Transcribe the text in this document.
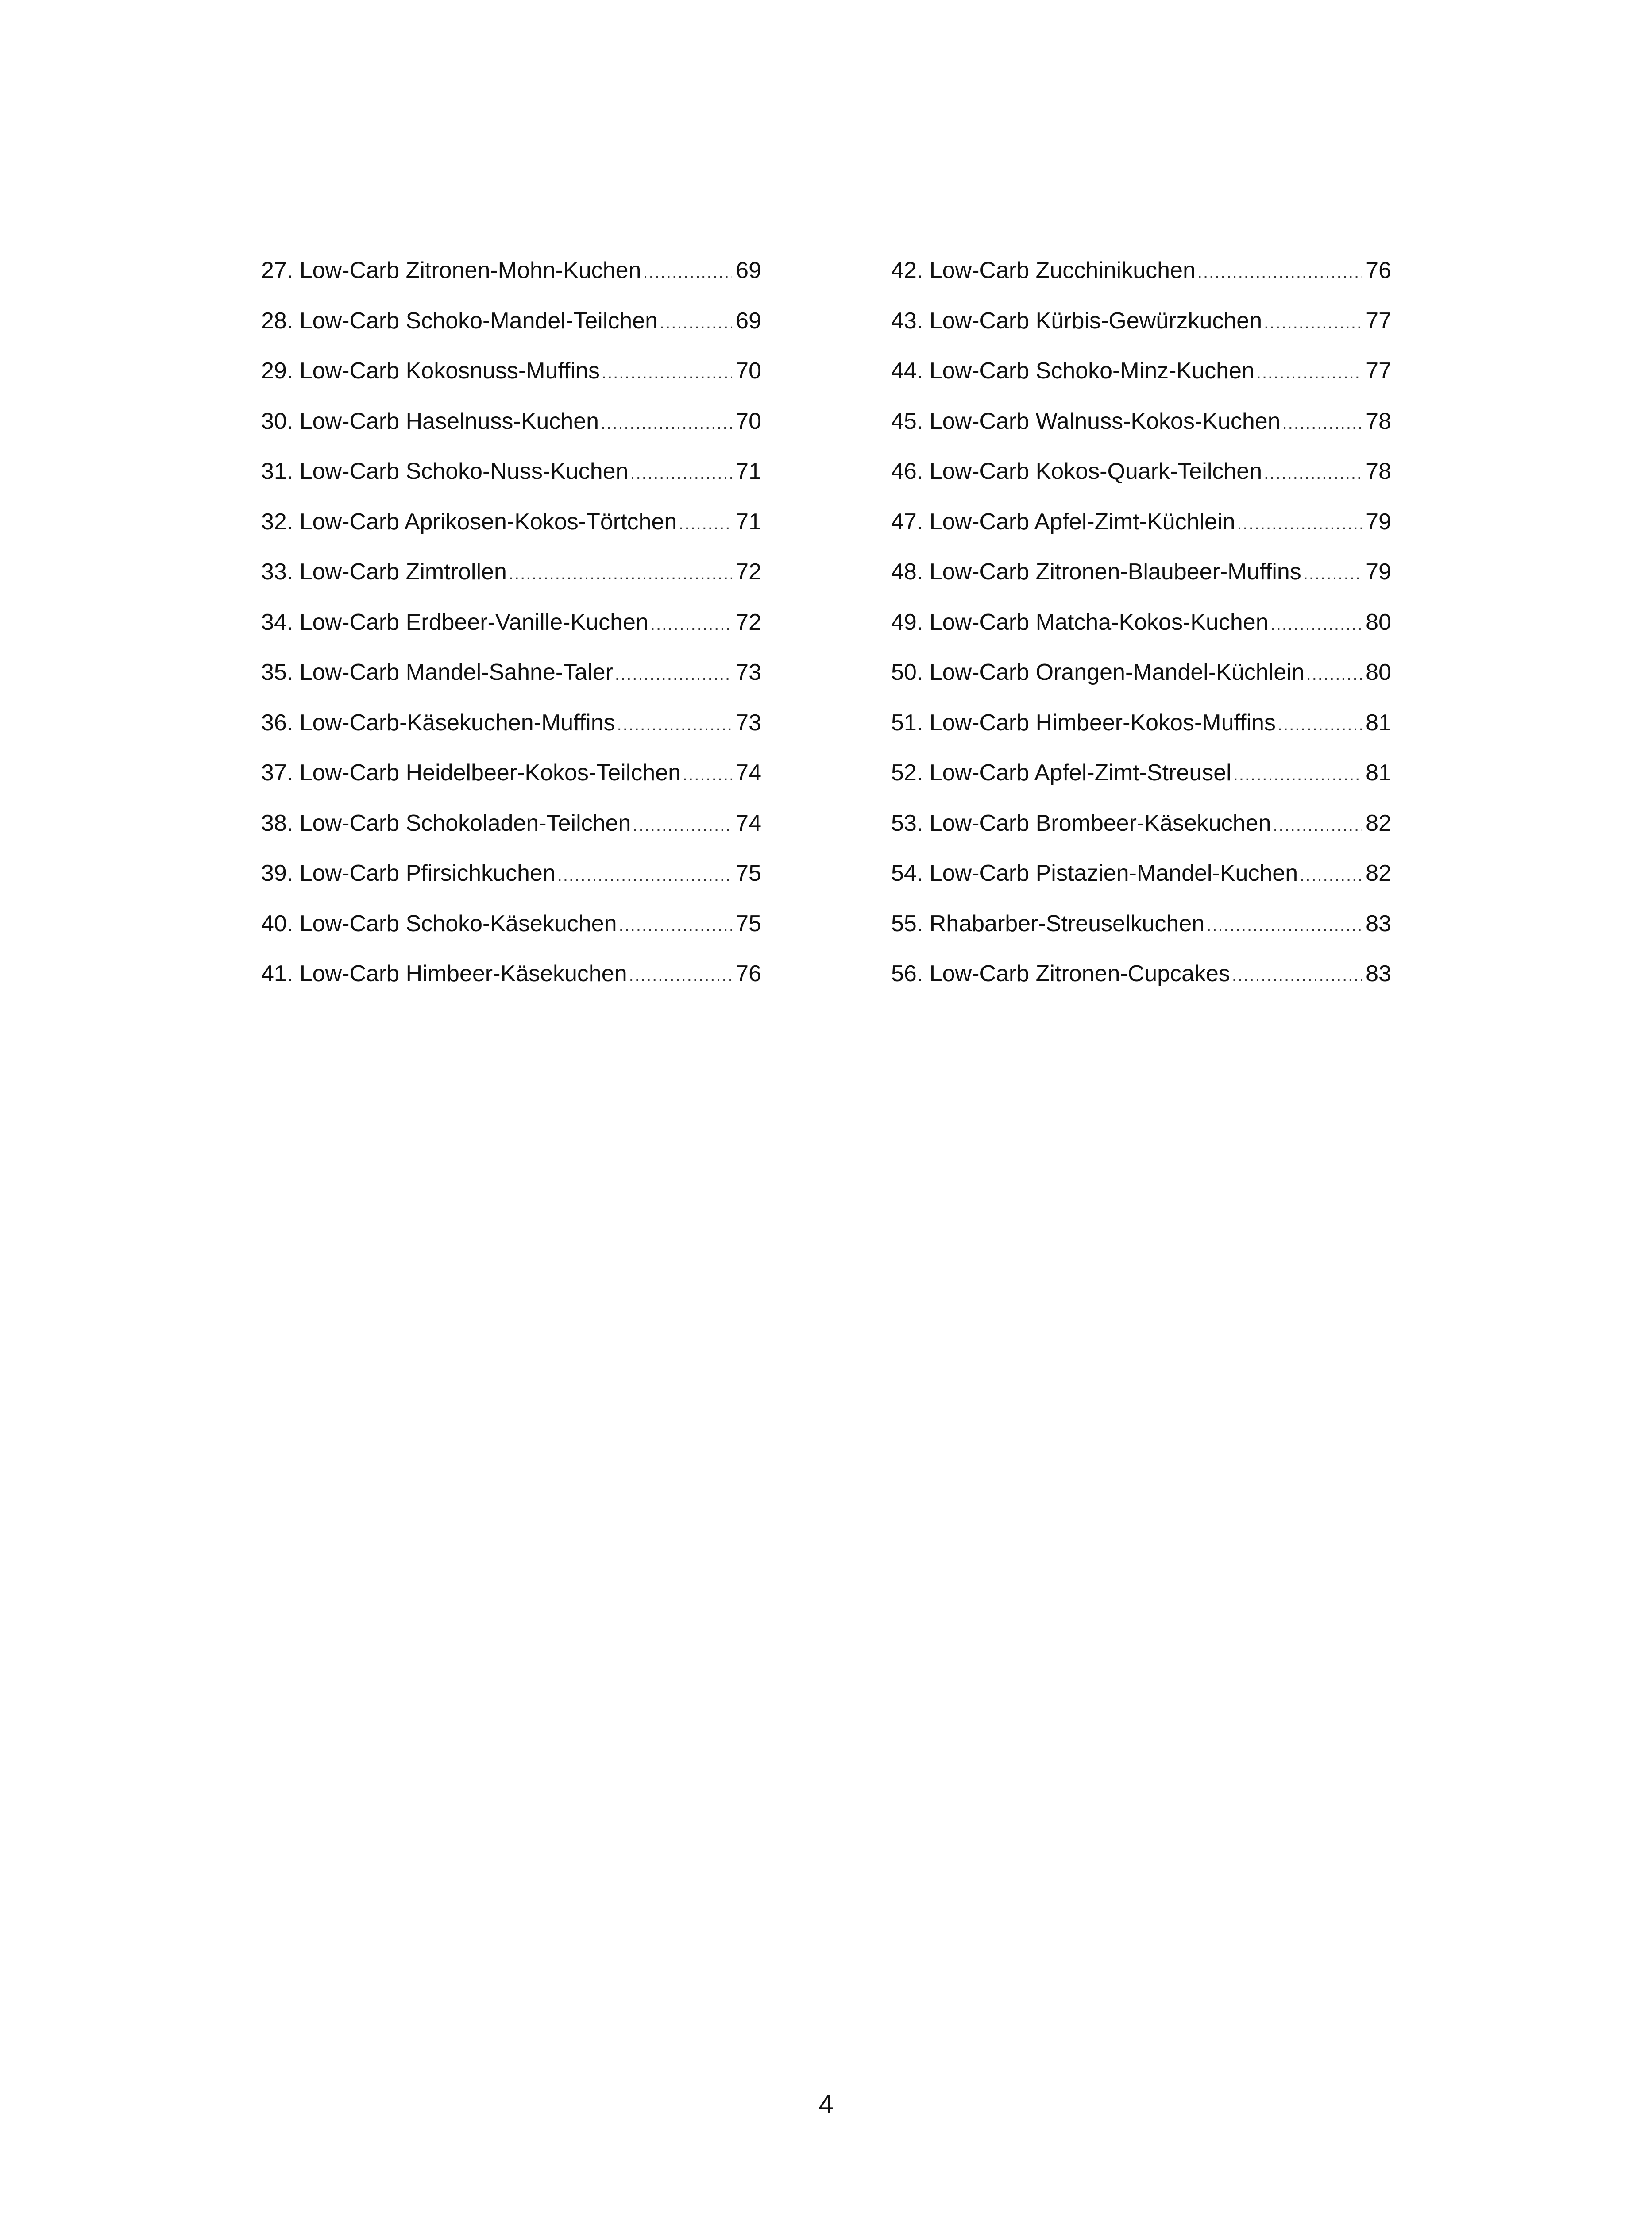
27. Low-Carb Zitronen-Mohn-Kuchen .....	69
28. Low-Carb Schoko-Mandel-Teilchen .....	69
29. Low-Carb Kokosnuss-Muffins .....	70
30. Low-Carb Haselnuss-Kuchen .....	70
31. Low-Carb Schoko-Nuss-Kuchen .....	71
32. Low-Carb Aprikosen-Kokos-Törtchen .....	71
33. Low-Carb Zimtrollen .....	72
34. Low-Carb Erdbeer-Vanille-Kuchen .....	72
35. Low-Carb Mandel-Sahne-Taler .....	73
36. Low-Carb-Käsekuchen-Muffins .....	73
37. Low-Carb Heidelbeer-Kokos-Teilchen ..... 74
38. Low-Carb Schokoladen-Teilchen .....	74
39. Low-Carb Pfirsichkuchen .....	75
40. Low-Carb Schoko-Käsekuchen .....	75
41. Low-Carb Himbeer-Käsekuchen .....	76
42. Low-Carb Zucchinikuchen .....	76
43. Low-Carb Kürbis-Gewürzkuchen .....	77
44. Low-Carb Schoko-Minz-Kuchen .....	77
45. Low-Carb Walnuss-Kokos-Kuchen .....	78
46. Low-Carb Kokos-Quark-Teilchen .....	78
47. Low-Carb Apfel-Zimt-Küchlein .....	79
48. Low-Carb Zitronen-Blaubeer-Muffins .....	79
49. Low-Carb Matcha-Kokos-Kuchen .....	80
50. Low-Carb Orangen-Mandel-Küchlein .....	80
51. Low-Carb Himbeer-Kokos-Muffins .....	81
52. Low-Carb Apfel-Zimt-Streusel .....	81
53. Low-Carb Brombeer-Käsekuchen .....	82
54. Low-Carb Pistazien-Mandel-Kuchen .....	82
55. Rhabarber-Streuselkuchen .....	83
56. Low-Carb Zitronen-Cupcakes .....	83
4
